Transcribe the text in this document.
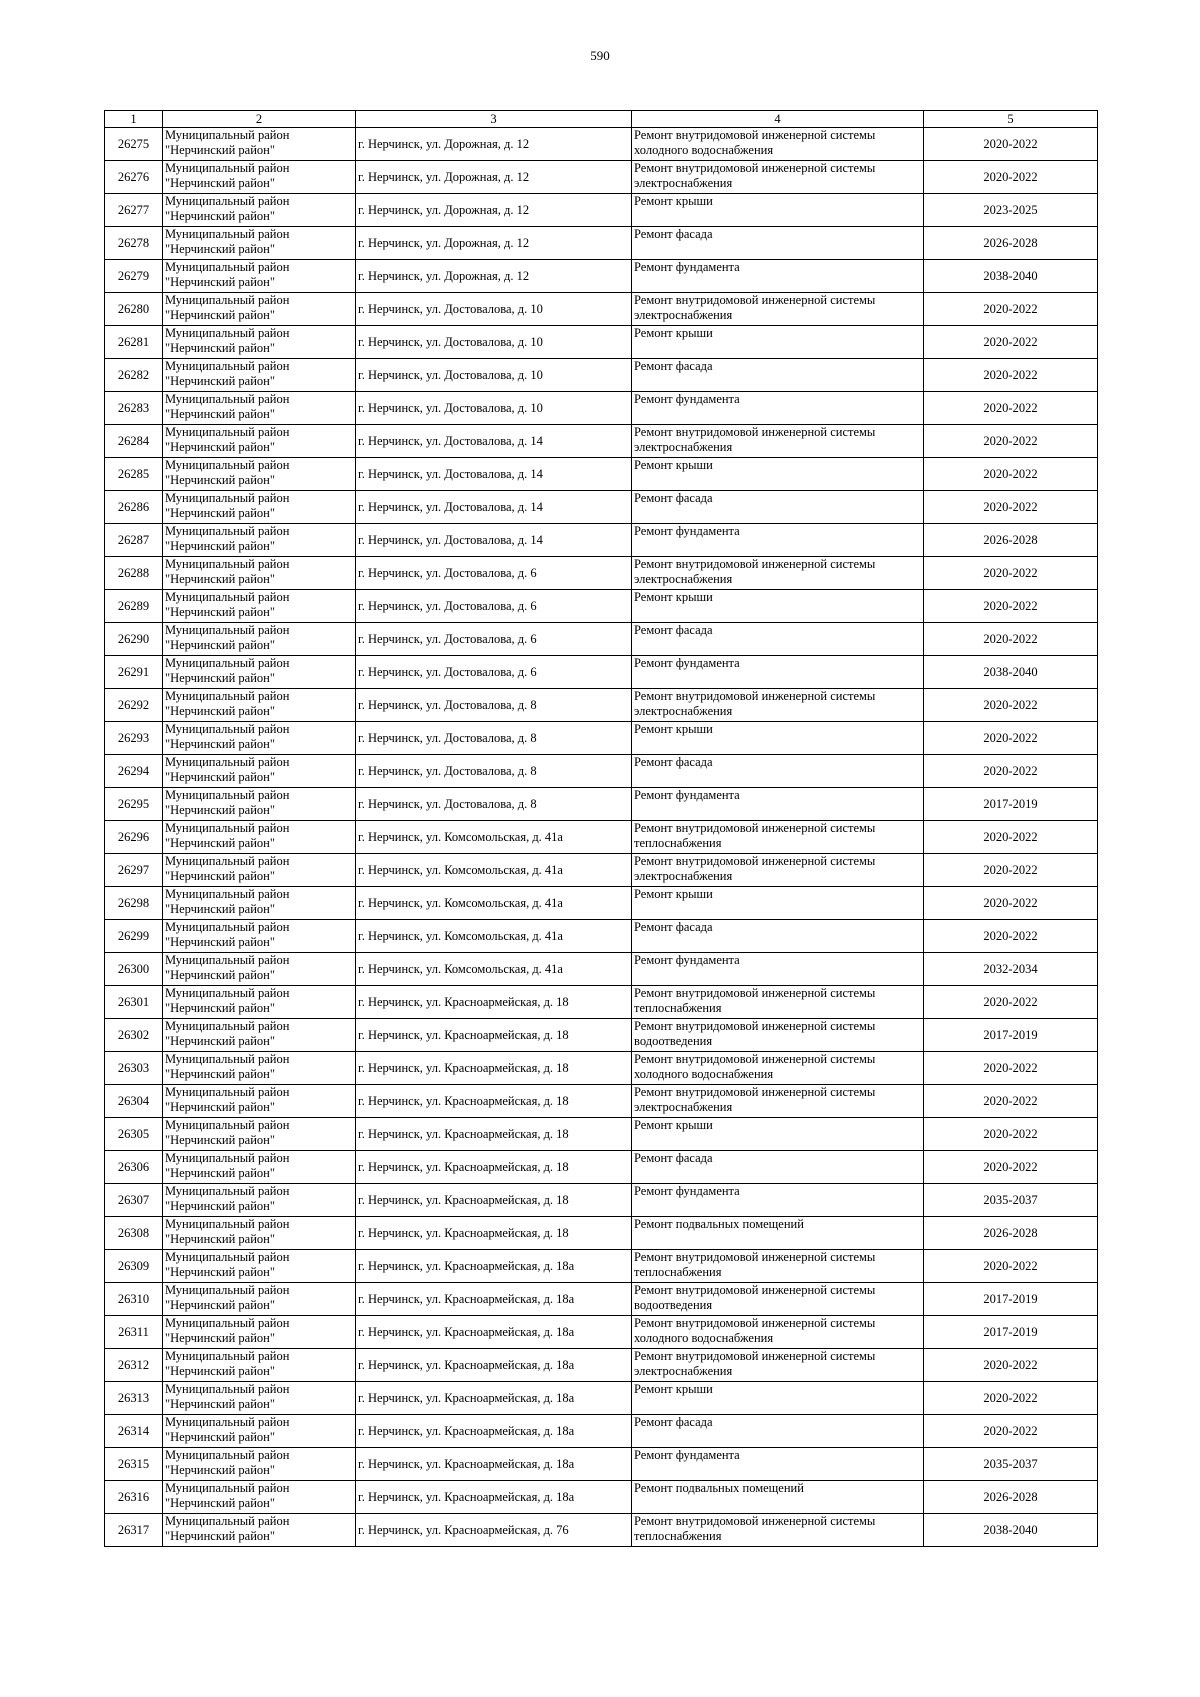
590
1	2	3	4	5
26275	Муниципальный район "Нерчинский район"	г. Нерчинск, ул. Дорожная, д. 12	Ремонт внутридомовой инженерной системы холодного водоснабжения	2020-2022
26276	Муниципальный район "Нерчинский район"	г. Нерчинск, ул. Дорожная, д. 12	Ремонт внутридомовой инженерной системы электроснабжения	2020-2022
26277	Муниципальный район "Нерчинский район"	г. Нерчинск, ул. Дорожная, д. 12	Ремонт крыши	2023-2025
26278	Муниципальный район "Нерчинский район"	г. Нерчинск, ул. Дорожная, д. 12	Ремонт фасада	2026-2028
26279	Муниципальный район "Нерчинский район"	г. Нерчинск, ул. Дорожная, д. 12	Ремонт фундамента	2038-2040
26280	Муниципальный район "Нерчинский район"	г. Нерчинск, ул. Достовалова, д. 10	Ремонт внутридомовой инженерной системы электроснабжения	2020-2022
26281	Муниципальный район "Нерчинский район"	г. Нерчинск, ул. Достовалова, д. 10	Ремонт крыши	2020-2022
26282	Муниципальный район "Нерчинский район"	г. Нерчинск, ул. Достовалова, д. 10	Ремонт фасада	2020-2022
26283	Муниципальный район "Нерчинский район"	г. Нерчинск, ул. Достовалова, д. 10	Ремонт фундамента	2020-2022
26284	Муниципальный район "Нерчинский район"	г. Нерчинск, ул. Достовалова, д. 14	Ремонт внутридомовой инженерной системы электроснабжения	2020-2022
26285	Муниципальный район "Нерчинский район"	г. Нерчинск, ул. Достовалова, д. 14	Ремонт крыши	2020-2022
26286	Муниципальный район "Нерчинский район"	г. Нерчинск, ул. Достовалова, д. 14	Ремонт фасада	2020-2022
26287	Муниципальный район "Нерчинский район"	г. Нерчинск, ул. Достовалова, д. 14	Ремонт фундамента	2026-2028
26288	Муниципальный район "Нерчинский район"	г. Нерчинск, ул. Достовалова, д. 6	Ремонт внутридомовой инженерной системы электроснабжения	2020-2022
26289	Муниципальный район "Нерчинский район"	г. Нерчинск, ул. Достовалова, д. 6	Ремонт крыши	2020-2022
26290	Муниципальный район "Нерчинский район"	г. Нерчинск, ул. Достовалова, д. 6	Ремонт фасада	2020-2022
26291	Муниципальный район "Нерчинский район"	г. Нерчинск, ул. Достовалова, д. 6	Ремонт фундамента	2038-2040
26292	Муниципальный район "Нерчинский район"	г. Нерчинск, ул. Достовалова, д. 8	Ремонт внутридомовой инженерной системы электроснабжения	2020-2022
26293	Муниципальный район "Нерчинский район"	г. Нерчинск, ул. Достовалова, д. 8	Ремонт крыши	2020-2022
26294	Муниципальный район "Нерчинский район"	г. Нерчинск, ул. Достовалова, д. 8	Ремонт фасада	2020-2022
26295	Муниципальный район "Нерчинский район"	г. Нерчинск, ул. Достовалова, д. 8	Ремонт фундамента	2017-2019
26296	Муниципальный район "Нерчинский район"	г. Нерчинск, ул. Комсомольская, д. 41а	Ремонт внутридомовой инженерной системы теплоснабжения	2020-2022
26297	Муниципальный район "Нерчинский район"	г. Нерчинск, ул. Комсомольская, д. 41а	Ремонт внутридомовой инженерной системы электроснабжения	2020-2022
26298	Муниципальный район "Нерчинский район"	г. Нерчинск, ул. Комсомольская, д. 41а	Ремонт крыши	2020-2022
26299	Муниципальный район "Нерчинский район"	г. Нерчинск, ул. Комсомольская, д. 41а	Ремонт фасада	2020-2022
26300	Муниципальный район "Нерчинский район"	г. Нерчинск, ул. Комсомольская, д. 41а	Ремонт фундамента	2032-2034
26301	Муниципальный район "Нерчинский район"	г. Нерчинск, ул. Красноармейская, д. 18	Ремонт внутридомовой инженерной системы теплоснабжения	2020-2022
26302	Муниципальный район "Нерчинский район"	г. Нерчинск, ул. Красноармейская, д. 18	Ремонт внутридомовой инженерной системы водоотведения	2017-2019
26303	Муниципальный район "Нерчинский район"	г. Нерчинск, ул. Красноармейская, д. 18	Ремонт внутридомовой инженерной системы холодного водоснабжения	2020-2022
26304	Муниципальный район "Нерчинский район"	г. Нерчинск, ул. Красноармейская, д. 18	Ремонт внутридомовой инженерной системы электроснабжения	2020-2022
26305	Муниципальный район "Нерчинский район"	г. Нерчинск, ул. Красноармейская, д. 18	Ремонт крыши	2020-2022
26306	Муниципальный район "Нерчинский район"	г. Нерчинск, ул. Красноармейская, д. 18	Ремонт фасада	2020-2022
26307	Муниципальный район "Нерчинский район"	г. Нерчинск, ул. Красноармейская, д. 18	Ремонт фундамента	2035-2037
26308	Муниципальный район "Нерчинский район"	г. Нерчинск, ул. Красноармейская, д. 18	Ремонт подвальных помещений	2026-2028
26309	Муниципальный район "Нерчинский район"	г. Нерчинск, ул. Красноармейская, д. 18а	Ремонт внутридомовой инженерной системы теплоснабжения	2020-2022
26310	Муниципальный район "Нерчинский район"	г. Нерчинск, ул. Красноармейская, д. 18а	Ремонт внутридомовой инженерной системы водоотведения	2017-2019
26311	Муниципальный район "Нерчинский район"	г. Нерчинск, ул. Красноармейская, д. 18а	Ремонт внутридомовой инженерной системы холодного водоснабжения	2017-2019
26312	Муниципальный район "Нерчинский район"	г. Нерчинск, ул. Красноармейская, д. 18а	Ремонт внутридомовой инженерной системы электроснабжения	2020-2022
26313	Муниципальный район "Нерчинский район"	г. Нерчинск, ул. Красноармейская, д. 18а	Ремонт крыши	2020-2022
26314	Муниципальный район "Нерчинский район"	г. Нерчинск, ул. Красноармейская, д. 18а	Ремонт фасада	2020-2022
26315	Муниципальный район "Нерчинский район"	г. Нерчинск, ул. Красноармейская, д. 18а	Ремонт фундамента	2035-2037
26316	Муниципальный район "Нерчинский район"	г. Нерчинск, ул. Красноармейская, д. 18а	Ремонт подвальных помещений	2026-2028
26317	Муниципальный район "Нерчинский район"	г. Нерчинск, ул. Красноармейская, д. 76	Ремонт внутридомовой инженерной системы теплоснабжения	2038-2040
